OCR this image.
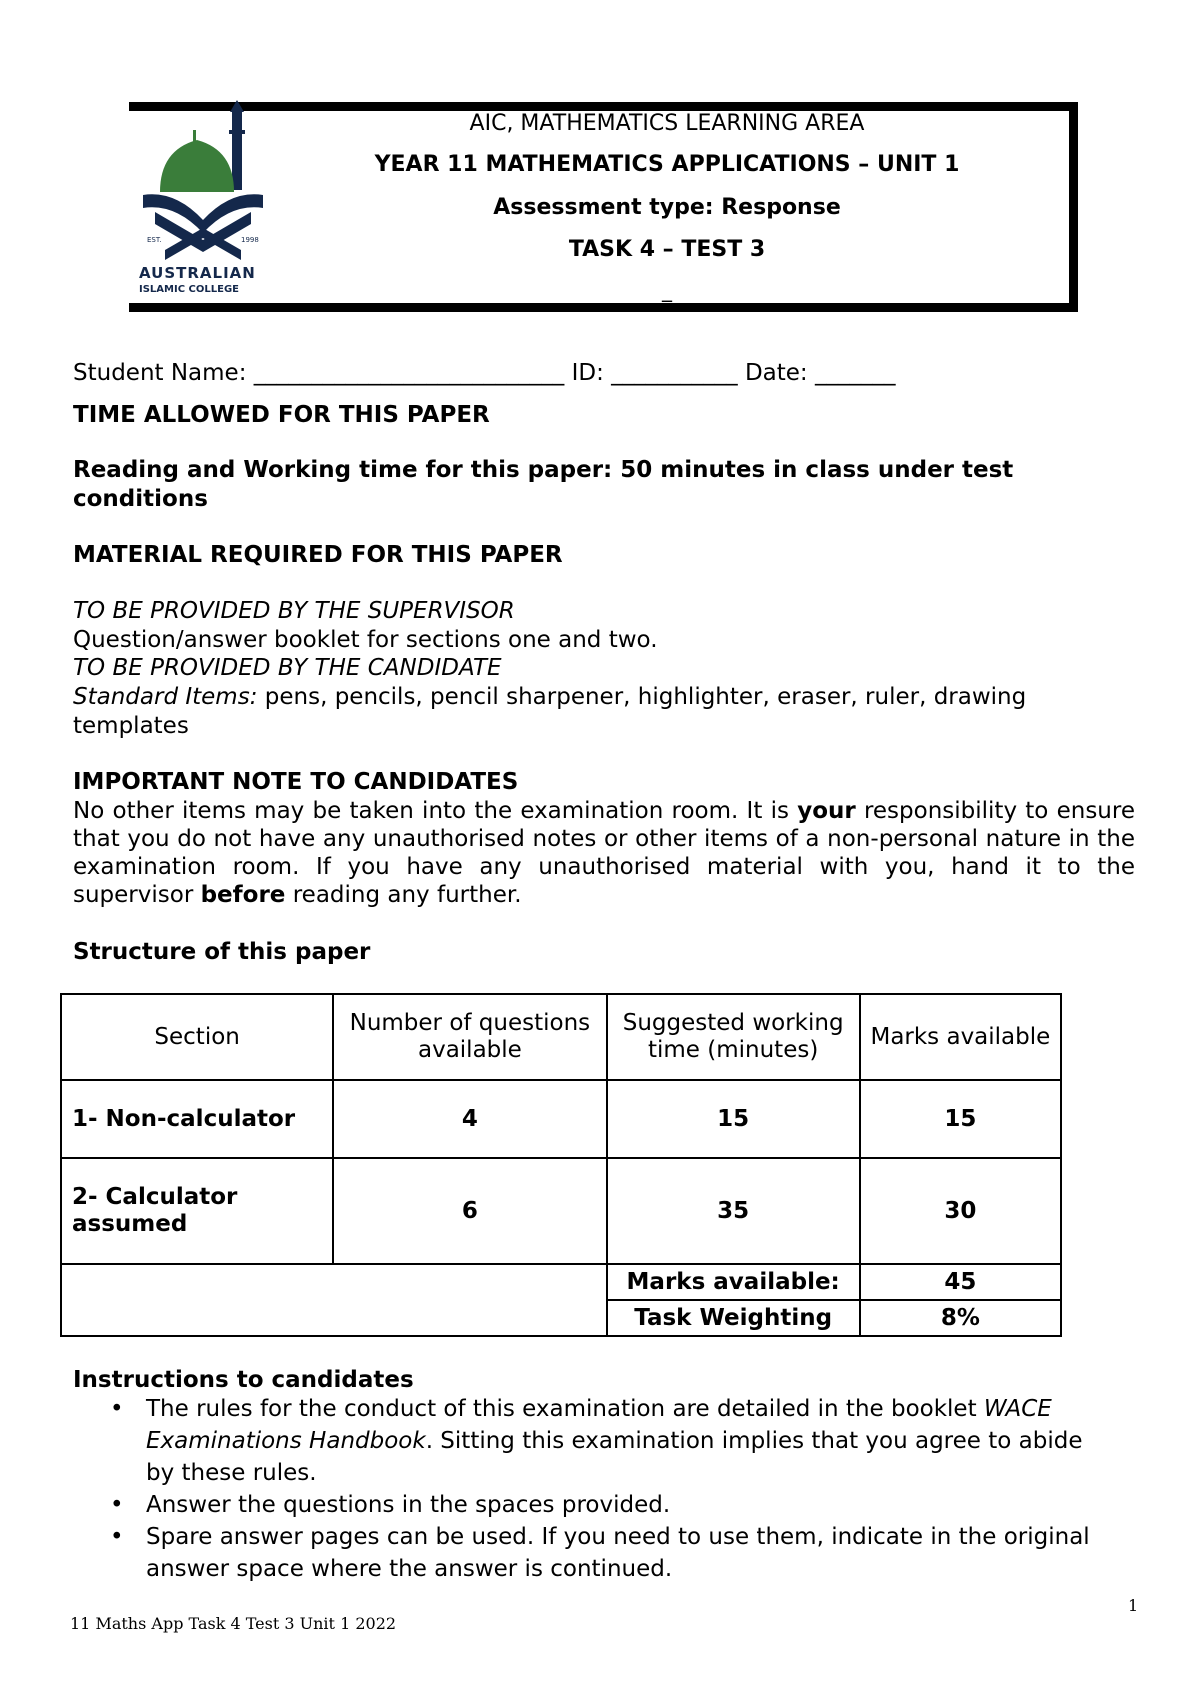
EST.	1998
AUSTRALIAN
ISLAMIC COLLEGE
AIC, MATHEMATICS LEARNING AREA
YEAR 11 MATHEMATICS APPLICATIONS – UNIT 1
Assessment type: Response
TASK 4 – TEST 3
_
Student Name: ___________________________ ID: ___________ Date: _______
TIME ALLOWED FOR THIS PAPER
Reading and Working time for this paper: 50 minutes in class under test
conditions
MATERIAL REQUIRED FOR THIS PAPER
TO BE PROVIDED BY THE SUPERVISOR
Question/answer booklet for sections one and two.
TO BE PROVIDED BY THE CANDIDATE
Standard Items: pens, pencils, pencil sharpener, highlighter, eraser, ruler, drawing
templates
IMPORTANT NOTE TO CANDIDATES
No other items may be taken into the examination room. It is your responsibility to ensure that you do not have any unauthorised notes or other items of a non-personal nature in the examination room. If you have any unauthorised material with you, hand it to the supervisor before reading any further.
Structure of this paper
Section	Number of questions available	Suggested working time (minutes)	Marks available
1- Non-calculator	4	15	15
2- Calculator assumed	6	35	30
		Marks available:	45
		Task Weighting	8%
Instructions to candidates
• The rules for the conduct of this examination are detailed in the booklet WACE Examinations Handbook. Sitting this examination implies that you agree to abide by these rules.
• Answer the questions in the spaces provided.
• Spare answer pages can be used. If you need to use them, indicate in the original answer space where the answer is continued.
1
11 Maths App Task 4 Test 3 Unit 1 2022
